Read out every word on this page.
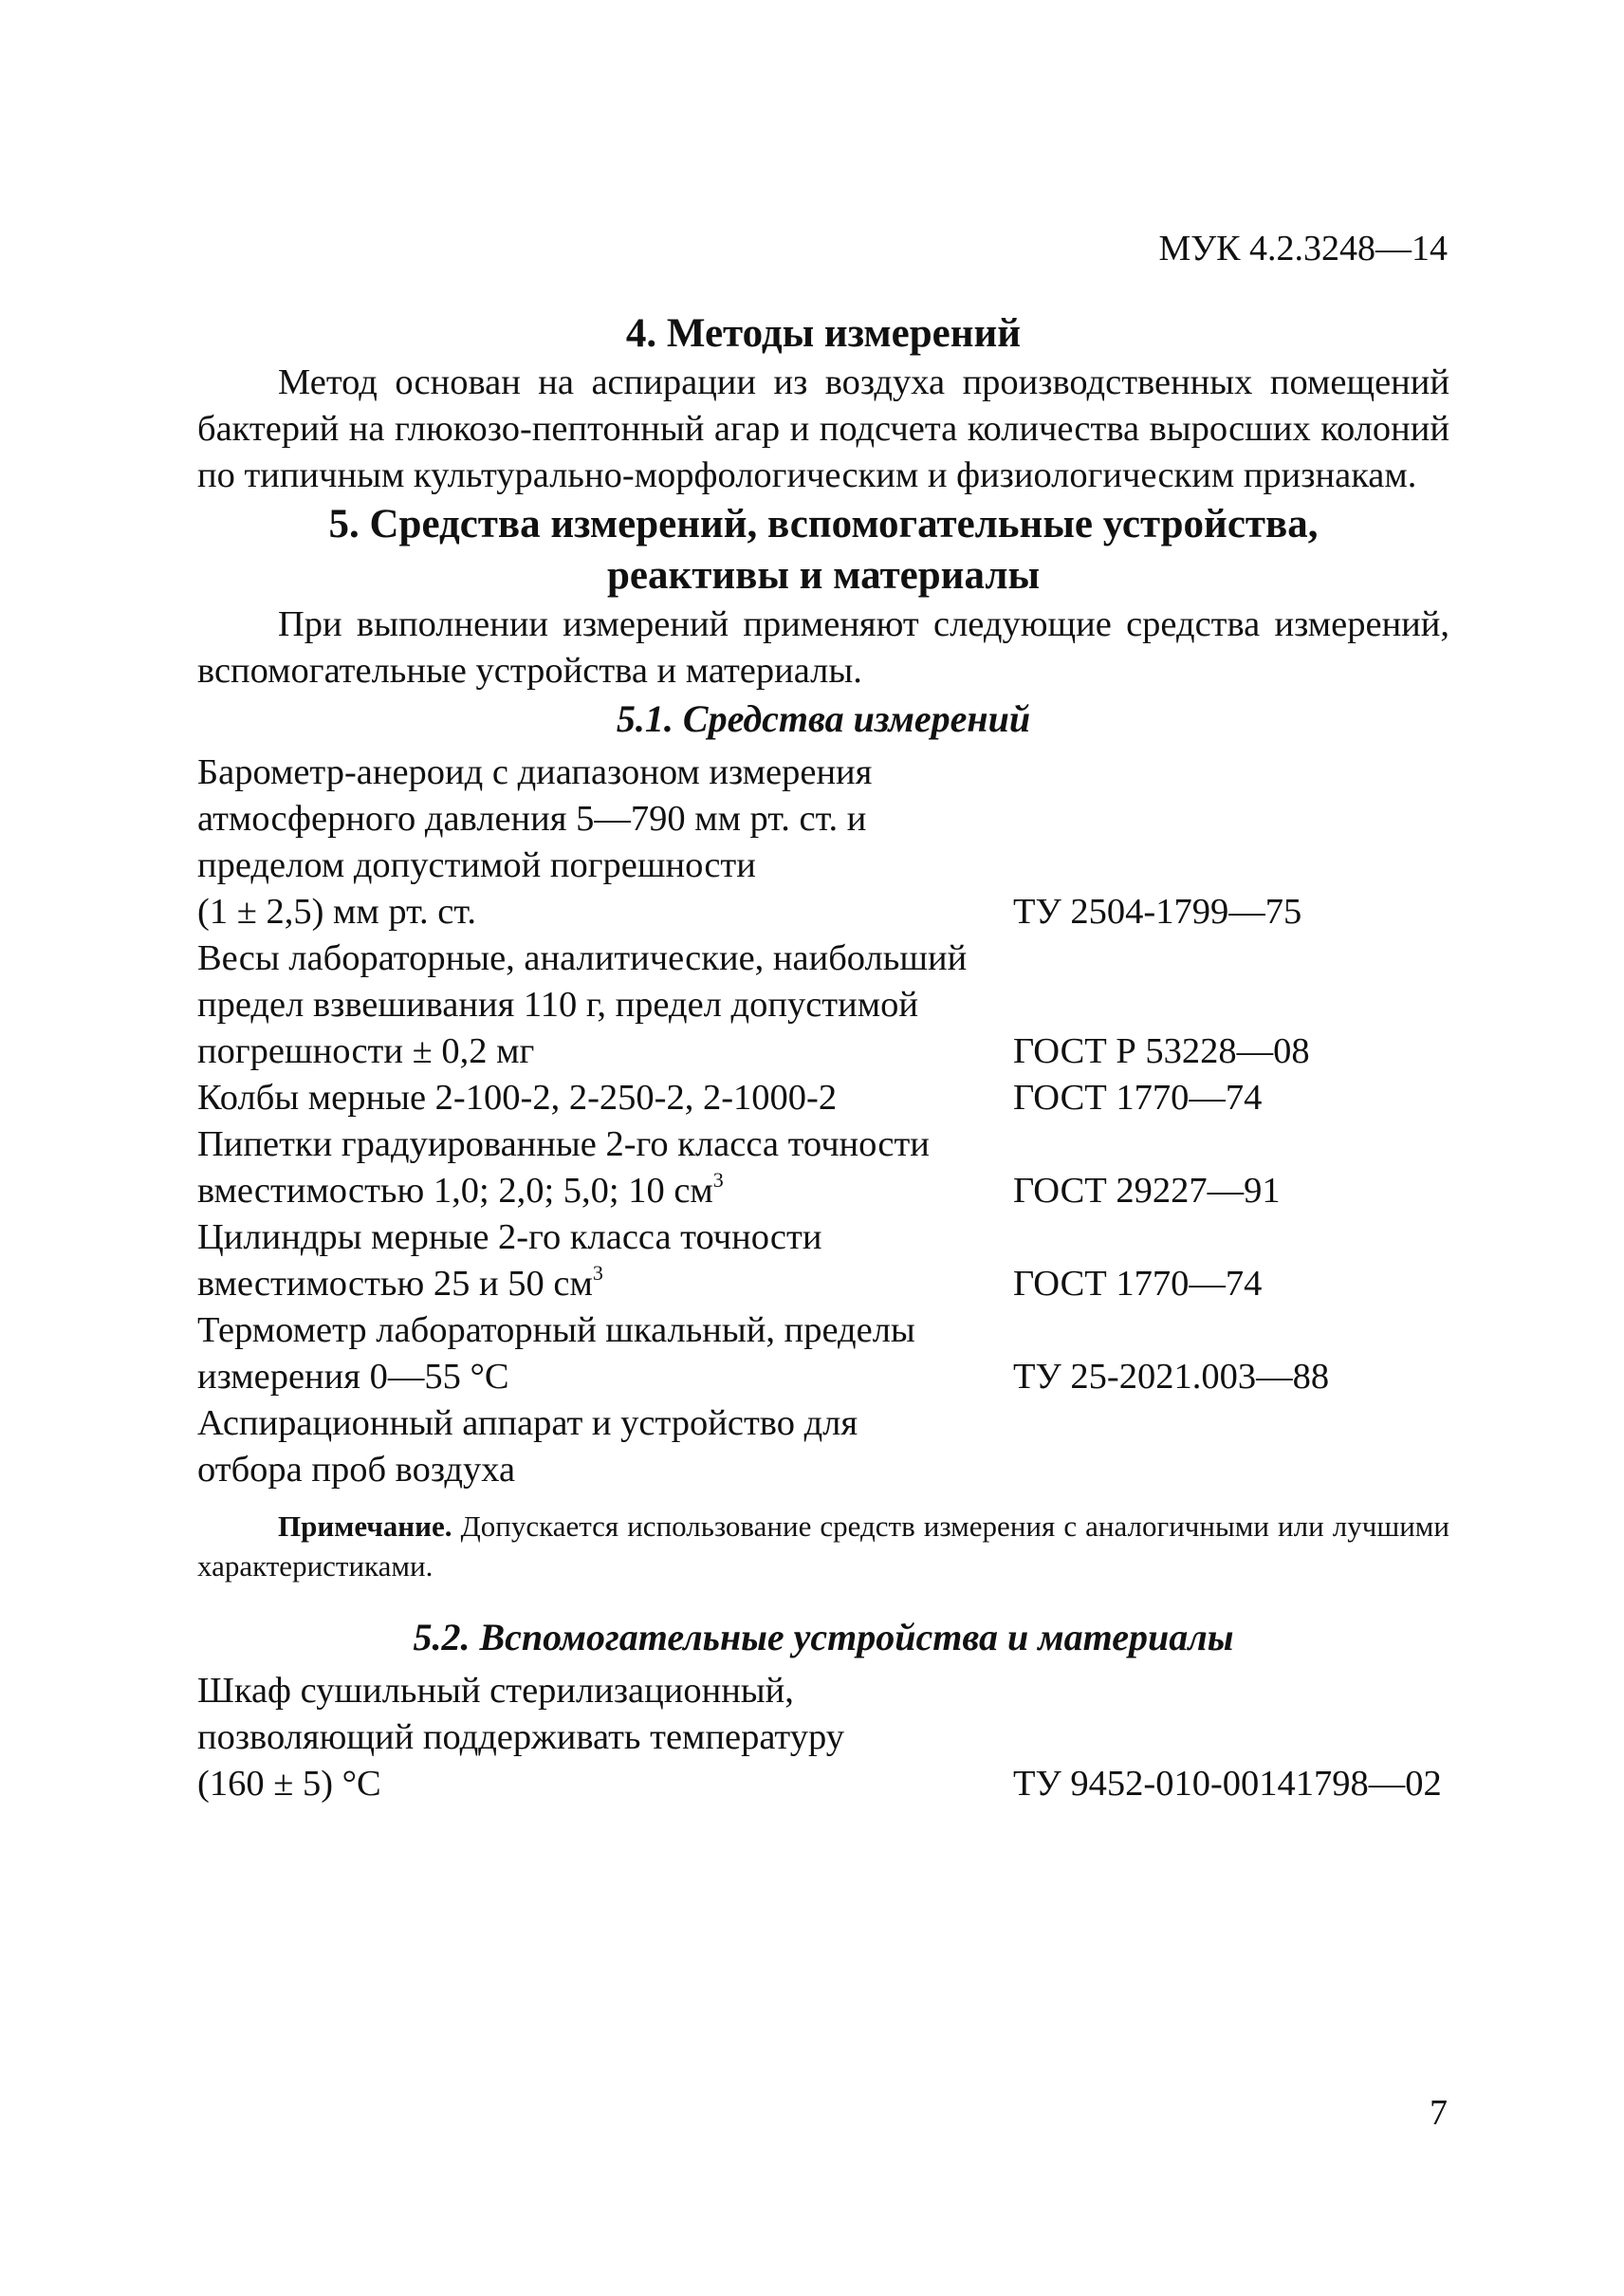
МУК 4.2.3248—14
4. Методы измерений

Метод основан на аспирации из воздуха производственных помещений бактерий на глюкозо-пептонный агар и подсчета количества выросших колоний по типичным культурально-морфологическим и физиологическим признакам.

5. Средства измерений, вспомогательные устройства,
реактивы и материалы

При выполнении измерений применяют следующие средства измерений, вспомогательные устройства и материалы.

5.1. Средства измерений
Барометр-анероид с диапазоном измерения
атмосферного давления 5—790 мм рт. ст. и
пределом допустимой погрешности
(1 ± 2,5) мм рт. ст.	ТУ 2504-1799—75
Весы лабораторные, аналитические, наибольший
предел взвешивания 110 г, предел допустимой
погрешности ± 0,2 мг	ГОСТ Р 53228—08
Колбы мерные 2-100-2, 2-250-2, 2-1000-2	ГОСТ 1770—74
Пипетки градуированные 2-го класса точности
вместимостью 1,0; 2,0; 5,0; 10 $см^3$	ГОСТ 29227—91
Цилиндры мерные 2-го класса точности
вместимостью 25 и 50 $см^3$	ГОСТ 1770—74
Термометр лабораторный шкальный, пределы
измерения 0—55 °С	ТУ 25-2021.003—88
Аспирационный аппарат и устройство для
отбора проб воздуха
Примечание. Допускается использование средств измерения с аналогичными или лучшими характеристиками.
5.2. Вспомогательные устройства и материалы
Шкаф сушильный стерилизационный,
позволяющий поддерживать температуру
(160 ± 5) °С	ТУ 9452-010-00141798—02
7
